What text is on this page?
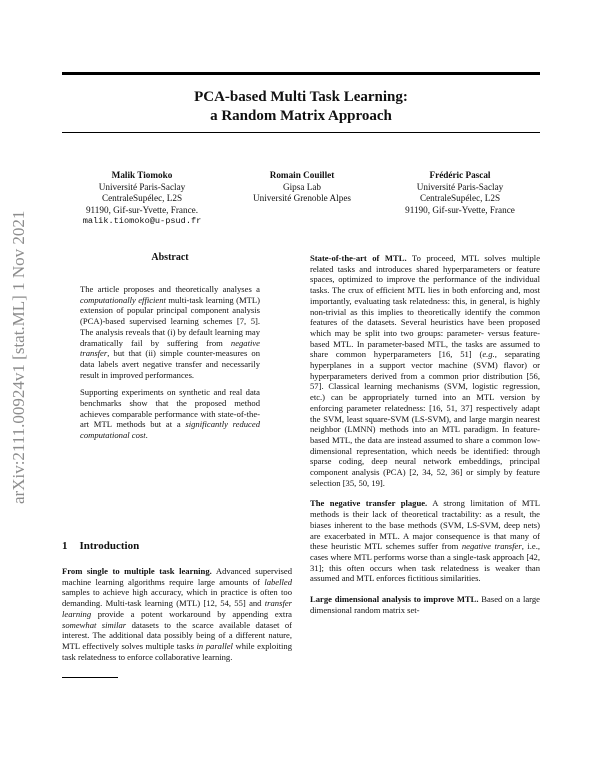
arXiv:2111.00924v1 [stat.ML] 1 Nov 2021
PCA-based Multi Task Learning:
a Random Matrix Approach
Malik Tiomoko
Université Paris-Saclay
CentraleSupélec, L2S
91190, Gif-sur-Yvette, France.
malik.tiomoko@u-psud.fr
Romain Couillet
Gipsa Lab
Université Grenoble Alpes
Frédéric Pascal
Université Paris-Saclay
CentraleSupélec, L2S
91190, Gif-sur-Yvette, France
Abstract

The article proposes and theoretically analyses a computationally efficient multi-task learning (MTL) extension of popular principal component analysis (PCA)-based supervised learning schemes [7, 5]. The analysis reveals that (i) by default learning may dramatically fail by suffering from negative transfer, but that (ii) simple counter-measures on data labels avert negative transfer and necessarily result in improved performances.

Supporting experiments on synthetic and real data benchmarks show that the proposed method achieves comparable performance with state-of-the-art MTL methods but at a significantly reduced computational cost.

1 Introduction

From single to multiple task learning. Advanced supervised machine learning algorithms require large amounts of labelled samples to achieve high accuracy, which in practice is often too demanding. Multi-task learning (MTL) [12, 54, 55] and transfer learning provide a potent workaround by appending extra somewhat similar datasets to the scarce available dataset of interest. The additional data possibly being of a different nature, MTL effectively solves multiple tasks in parallel while exploiting task relatedness to enforce collaborative learning.

State-of-the-art of MTL. To proceed, MTL solves multiple related tasks and introduces shared hyperparameters or feature spaces, optimized to improve the performance of the individual tasks. The crux of efficient MTL lies in both enforcing and, most importantly, evaluating task relatedness: this, in general, is highly non-trivial as this implies to theoretically identify the common features of the datasets. Several heuristics have been proposed which may be split into two groups: parameter- versus feature-based MTL. In parameter-based MTL, the tasks are assumed to share common hyperparameters [16, 51] (e.g., separating hyperplanes in a support vector machine (SVM) flavor) or hyperparameters derived from a common prior distribution [56, 57]. Classical learning mechanisms (SVM, logistic regression, etc.) can be appropriately turned into an MTL version by enforcing parameter relatedness: [16, 51, 37] respectively adapt the SVM, least square-SVM (LS-SVM), and large margin nearest neighbor (LMNN) methods into an MTL paradigm. In feature-based MTL, the data are instead assumed to share a common low-dimensional representation, which needs be identified: through sparse coding, deep neural network embeddings, principal component analysis (PCA) [2, 34, 52, 36] or simply by feature selection [35, 50, 19].

The negative transfer plague. A strong limitation of MTL methods is their lack of theoretical tractability: as a result, the biases inherent to the base methods (SVM, LS-SVM, deep nets) are exacerbated in MTL. A major consequence is that many of these heuristic MTL schemes suffer from negative transfer, i.e., cases where MTL performs worse than a single-task approach [42, 31]; this often occurs when task relatedness is weaker than assumed and MTL enforces fictitious similarities.

Large dimensional analysis to improve MTL. Based on a large dimensional random matrix set-
